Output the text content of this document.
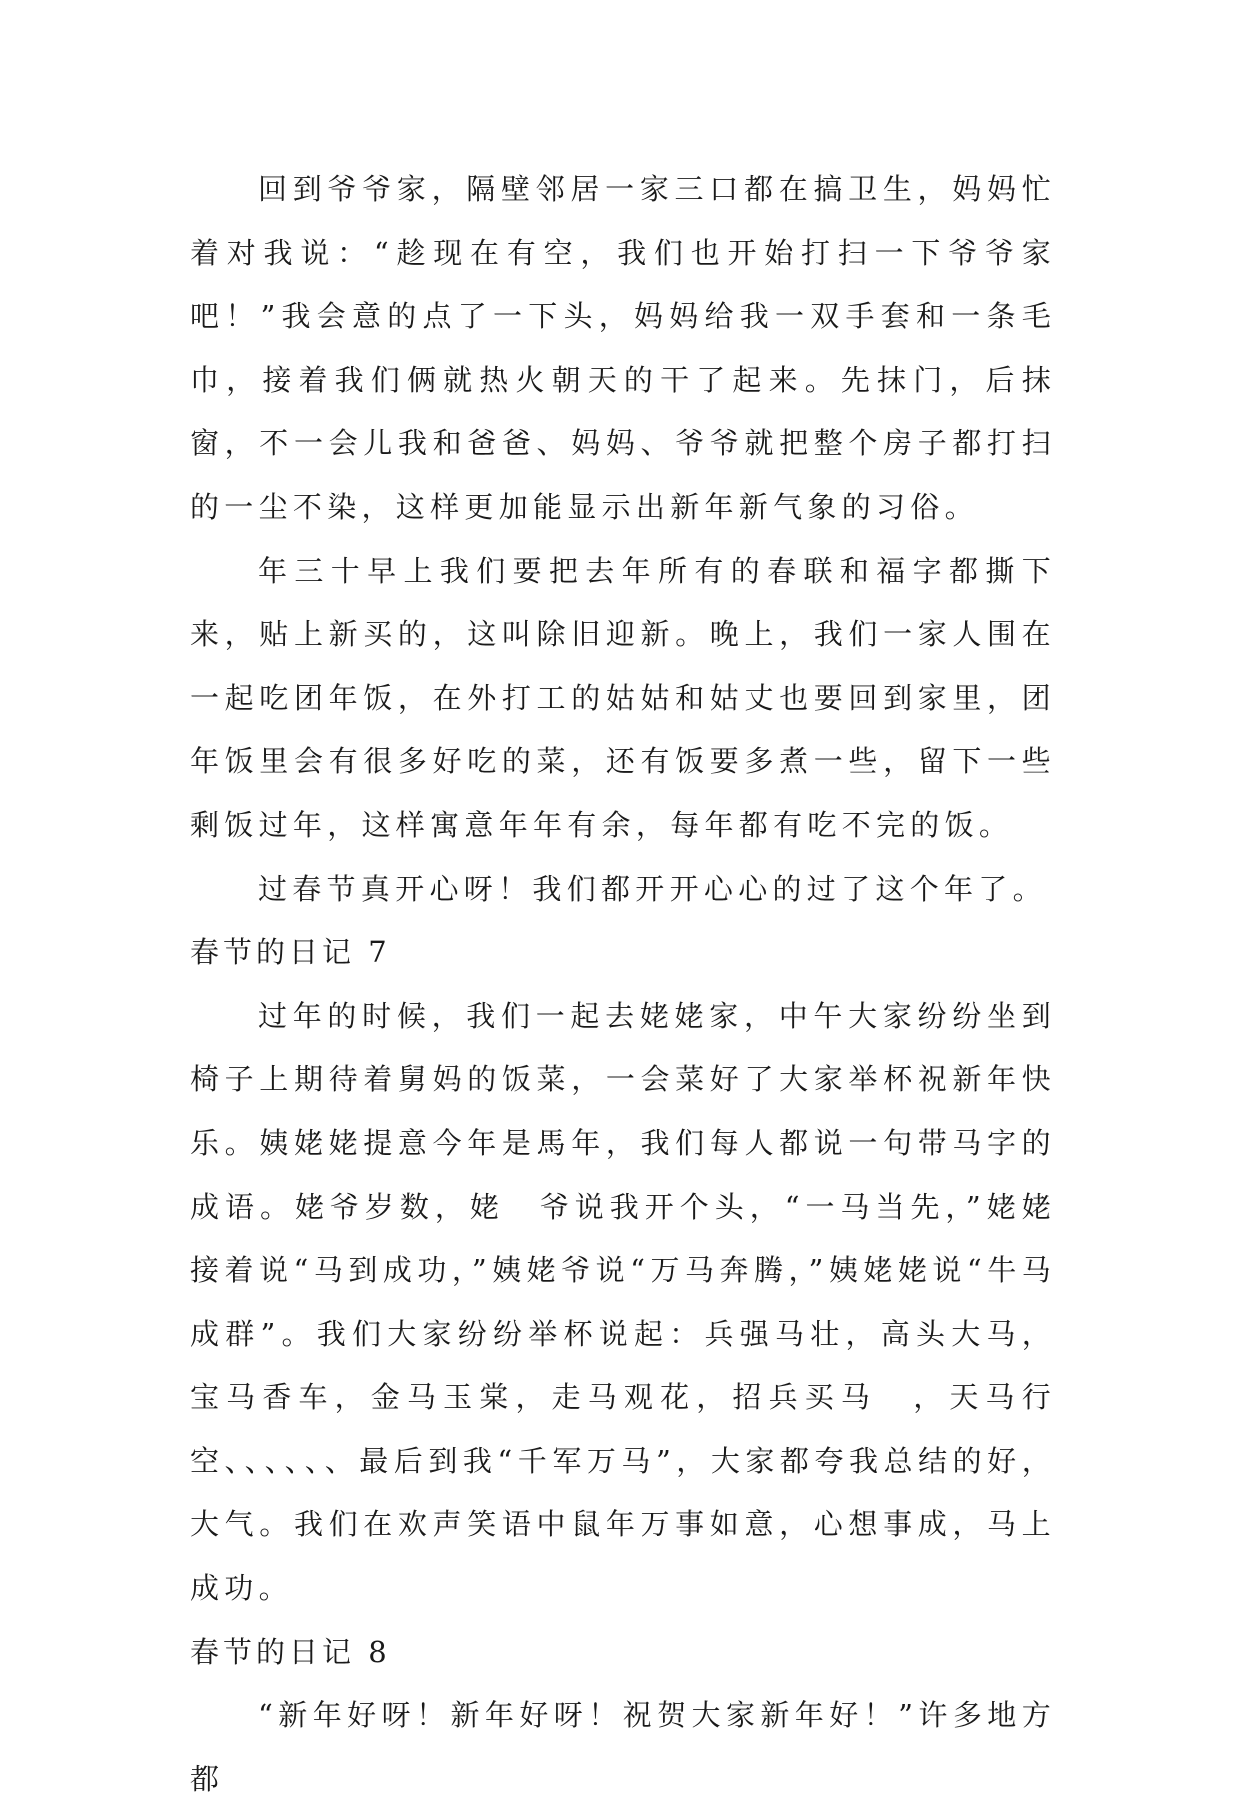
回到爷爷家，隔壁邻居一家三口都在搞卫生，妈妈忙着对我说：“趁现在有空，我们也开始打扫一下爷爷家吧！”我会意的点了一下头，妈妈给我一双手套和一条毛巾，接着我们俩就热火朝天的干了起来。先抹门，后抹窗，不一会儿我和爸爸、妈妈、爷爷就把整个房子都打扫的一尘不染，这样更加能显示出新年新气象的习俗。

年三十早上我们要把去年所有的春联和福字都撕下来，贴上新买的，这叫除旧迎新。晚上，我们一家人围在一起吃团年饭，在外打工的姑姑和姑丈也要回到家里，团年饭里会有很多好吃的菜，还有饭要多煮一些，留下一些剩饭过年，这样寓意年年有余，每年都有吃不完的饭。

过春节真开心呀！我们都开开心心的过了这个年了。

春节的日记 7

过年的时候，我们一起去姥姥家，中午大家纷纷坐到椅子上期待着舅妈的饭菜，一会菜好了大家举杯祝新年快乐。姨姥姥提意今年是馬年，我们每人都说一句带马字的成语。姥爷岁数，姥　爷说我开个头，“一马当先，”姥姥接着说“马到成功，”姨姥爷说“万马奔腾，”姨姥姥说“牛马成群”。我们大家纷纷举杯说起：兵强马壮，高头大马，宝马香车，金马玉棠，走马观花，招兵买马　，天马行空、、、、、、最后到我“千军万马”，大家都夸我总结的好，大气。我们在欢声笑语中鼠年万事如意，心想事成，马上成功。

春节的日记 8

“新年好呀！新年好呀！祝贺大家新年好！”许多地方都
